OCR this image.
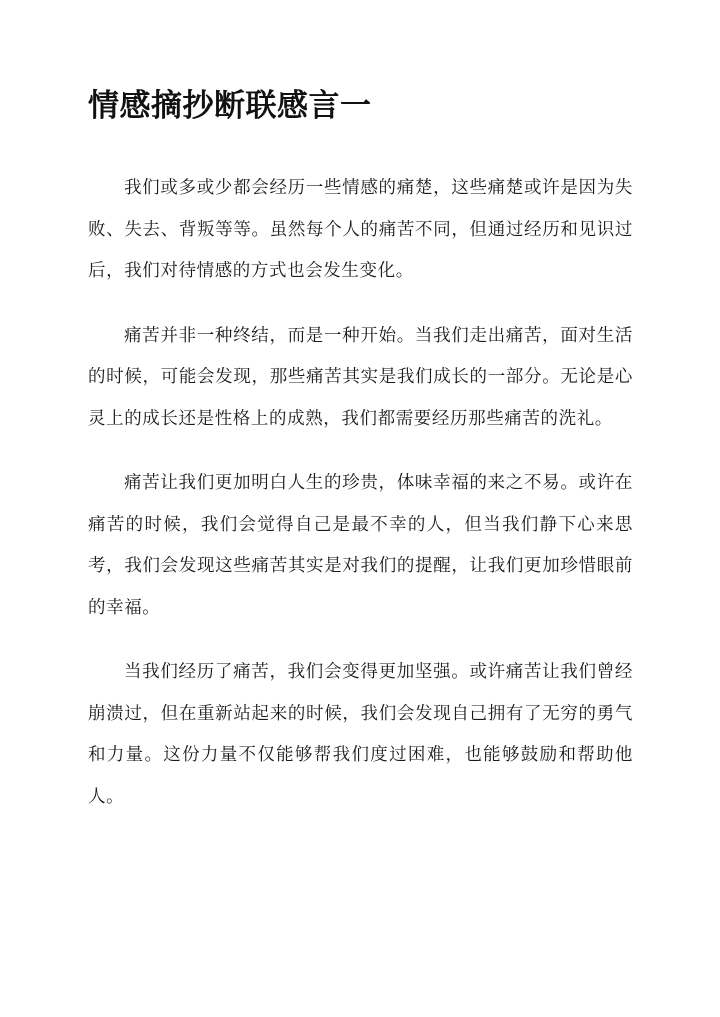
情感摘抄断联感言一

我们或多或少都会经历一些情感的痛楚，这些痛楚或许是因为失败、失去、背叛等等。虽然每个人的痛苦不同，但通过经历和见识过后，我们对待情感的方式也会发生变化。

痛苦并非一种终结，而是一种开始。当我们走出痛苦，面对生活的时候，可能会发现，那些痛苦其实是我们成长的一部分。无论是心灵上的成长还是性格上的成熟，我们都需要经历那些痛苦的洗礼。

痛苦让我们更加明白人生的珍贵，体味幸福的来之不易。或许在痛苦的时候，我们会觉得自己是最不幸的人，但当我们静下心来思考，我们会发现这些痛苦其实是对我们的提醒，让我们更加珍惜眼前的幸福。

当我们经历了痛苦，我们会变得更加坚强。或许痛苦让我们曾经崩溃过，但在重新站起来的时候，我们会发现自己拥有了无穷的勇气和力量。这份力量不仅能够帮我们度过困难，也能够鼓励和帮助他人。
